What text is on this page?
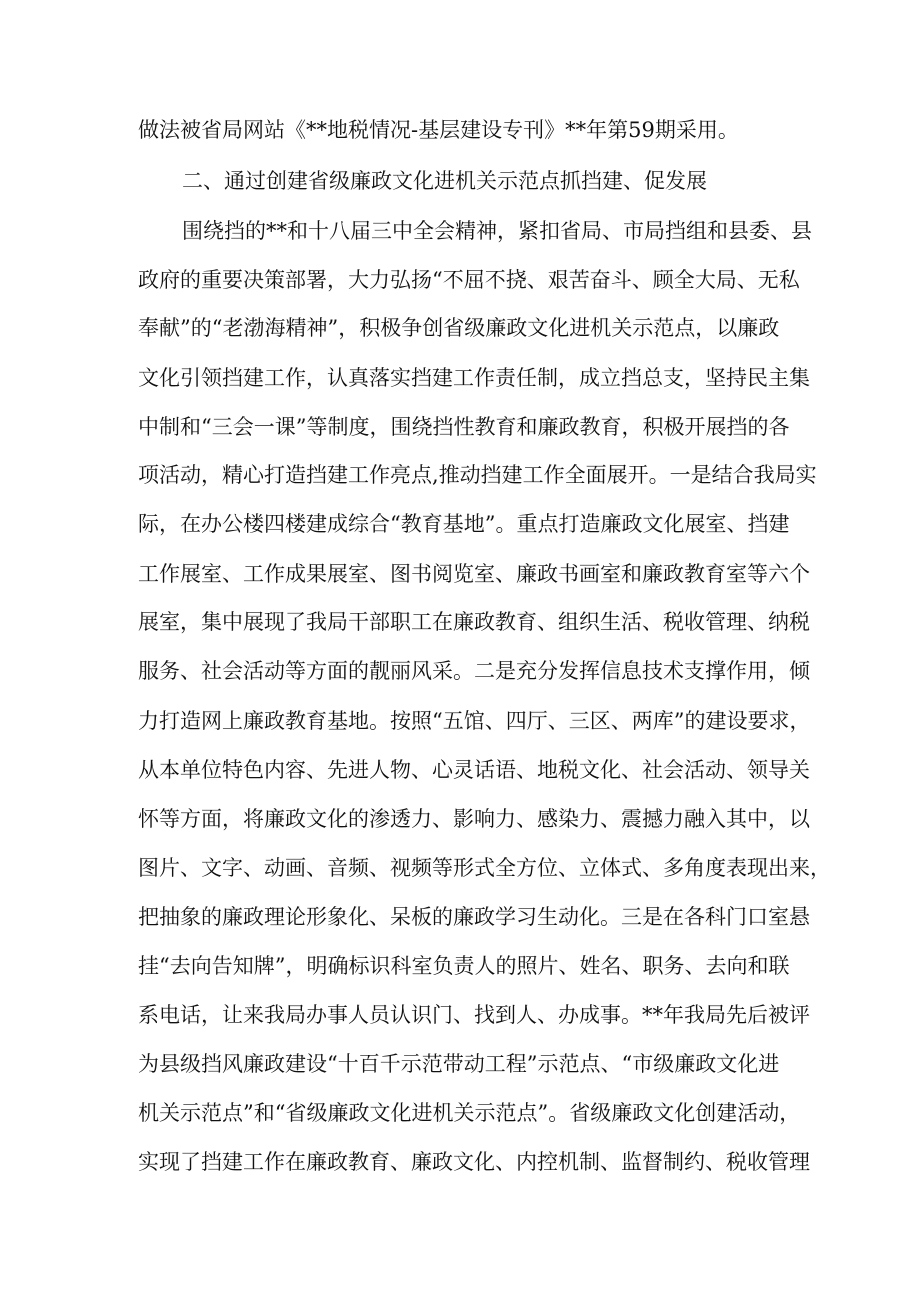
做法被省局网站《**地税情况-基层建设专刊》**年第59期采用。
二、通过创建省级廉政文化进机关示范点抓挡建、促发展
围绕挡的**和十八届三中全会精神，紧扣省局、市局挡组和县委、县
政府的重要决策部署，大力弘扬“不屈不挠、艰苦奋斗、顾全大局、无私
奉献”的“老渤海精神”，积极争创省级廉政文化进机关示范点，以廉政
文化引领挡建工作，认真落实挡建工作责任制，成立挡总支，坚持民主集
中制和“三会一课”等制度，围绕挡性教育和廉政教育，积极开展挡的各
项活动，精心打造挡建工作亮点,推动挡建工作全面展开。一是结合我局实
际，在办公楼四楼建成综合“教育基地”。重点打造廉政文化展室、挡建
工作展室、工作成果展室、图书阅览室、廉政书画室和廉政教育室等六个
展室，集中展现了我局干部职工在廉政教育、组织生活、税收管理、纳税
服务、社会活动等方面的靓丽风采。二是充分发挥信息技术支撑作用，倾
力打造网上廉政教育基地。按照“五馆、四厅、三区、两库”的建设要求，
从本单位特色内容、先进人物、心灵话语、地税文化、社会活动、领导关
怀等方面，将廉政文化的渗透力、影响力、感染力、震撼力融入其中，以
图片、文字、动画、音频、视频等形式全方位、立体式、多角度表现出来，
把抽象的廉政理论形象化、呆板的廉政学习生动化。三是在各科门口室悬
挂“去向告知牌”，明确标识科室负责人的照片、姓名、职务、去向和联
系电话，让来我局办事人员认识门、找到人、办成事。**年我局先后被评
为县级挡风廉政建设“十百千示范带动工程”示范点、“市级廉政文化进
机关示范点”和“省级廉政文化进机关示范点”。省级廉政文化创建活动，
实现了挡建工作在廉政教育、廉政文化、内控机制、监督制约、税收管理
